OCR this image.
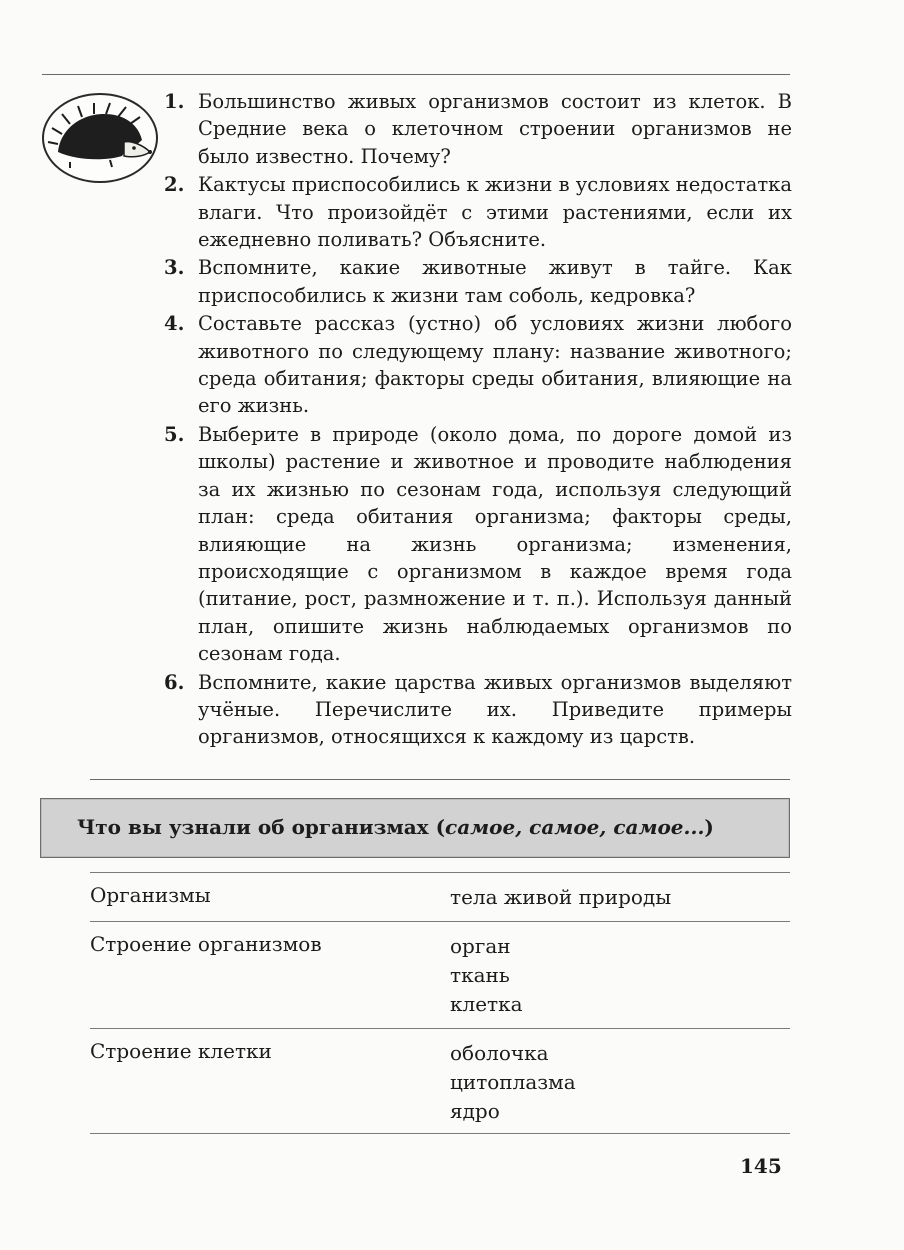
1. Большинство живых организмов состоит из клеток. В Средние века о клеточном строении организмов не было известно. Почему?
2. Кактусы приспособились к жизни в условиях недостатка влаги. Что произойдёт с этими растениями, если их ежедневно поливать? Объясните.
3. Вспомните, какие животные живут в тайге. Как приспособились к жизни там соболь, кедровка?
4. Составьте рассказ (устно) об условиях жизни любого животного по следующему плану: название животного; среда обитания; факторы среды обитания, влияющие на его жизнь.
5. Выберите в природе (около дома, по дороге домой из школы) растение и животное и проводите наблюдения за их жизнью по сезонам года, используя следующий план: среда обитания организма; факторы среды, влияющие на жизнь организма; изменения, происходящие с организмом в каждое время года (питание, рост, размножение и т. п.). Используя данный план, опишите жизнь наблюдаемых организмов по сезонам года.
6. Вспомните, какие царства живых организмов выделяют учёные. Перечислите их. Приведите примеры организмов, относящихся к каждому из царств.
Что вы узнали об организмах (самое, самое, самое...)
Организмы	тела живой природы
Строение организмов	орган
ткань
клетка
Строение клетки	оболочка
цитоплазма
ядро
145
